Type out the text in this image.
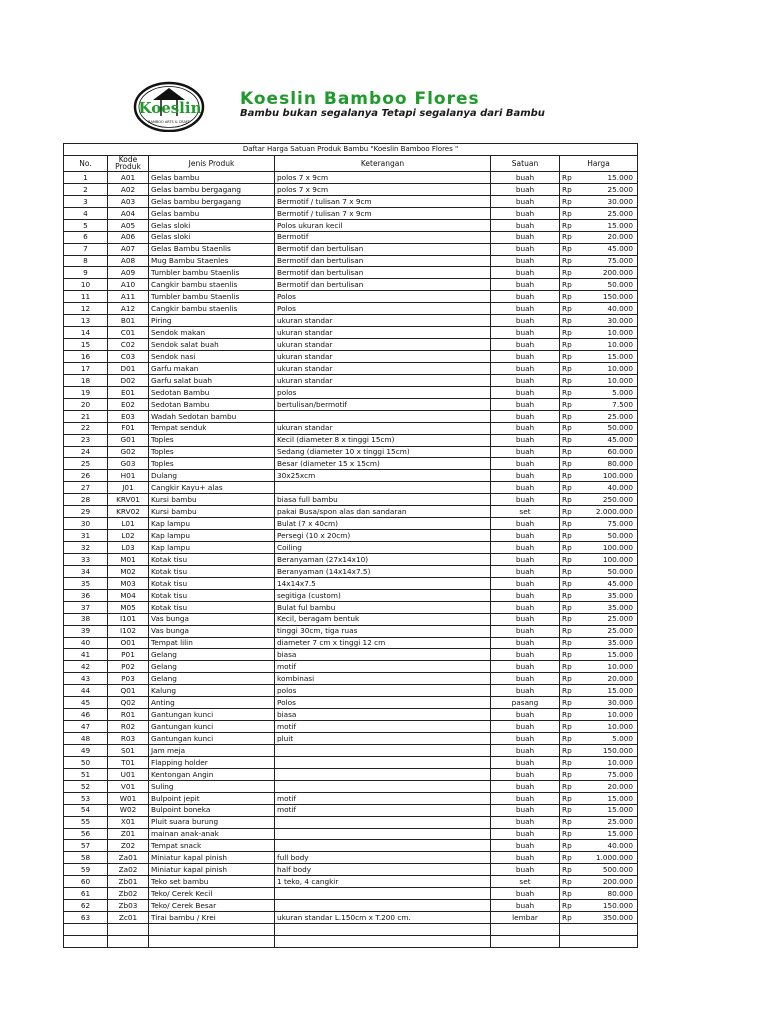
Koeslin
BAMBOO ARTS & CRAFT
Koeslin Bamboo Flores
Bambu bukan segalanya Tetapi segalanya dari Bambu
Daftar Harga Satuan Produk Bambu "Koeslin Bamboo Flores "						
No.	Kode Produk	Jenis Produk	Keterangan	Satuan	Harga	
1	A01	Gelas bambu	polos 7 x 9cm	buah	Rp	15.000
2	A02	Gelas bambu bergagang	polos 7 x 9cm	buah	Rp	25.000
3	A03	Gelas bambu bergagang	Bermotif / tulisan 7 x 9cm	buah	Rp	30.000
4	A04	Gelas bambu	Bermotif / tulisan 7 x 9cm	buah	Rp	25.000
5	A05	Gelas sloki	Polos ukuran kecil	buah	Rp	15.000
6	A06	Gelas sloki	Bermotif	buah	Rp	20.000
7	A07	Gelas Bambu Staenlis	Bermotif dan bertulisan	buah	Rp	45.000
8	A08	Mug Bambu Staenles	Bermotif dan bertulisan	buah	Rp	75.000
9	A09	Tumbler bambu Staenlis	Bermotif dan bertulisan	buah	Rp	200.000
10	A10	Cangkir bambu staenlis	Bermotif dan bertulisan	buah	Rp	50.000
11	A11	Tumbler bambu Staenlis	Polos	buah	Rp	150.000
12	A12	Cangkir bambu staenlis	Polos	buah	Rp	40.000
13	B01	Piring	ukuran standar	buah	Rp	30.000
14	C01	Sendok makan	ukuran standar	buah	Rp	10.000
15	C02	Sendok salat buah	ukuran standar	buah	Rp	10.000
16	C03	Sendok nasi	ukuran standar	buah	Rp	15.000
17	D01	Garfu makan	ukuran standar	buah	Rp	10.000
18	D02	Garfu salat buah	ukuran standar	buah	Rp	10.000
19	E01	Sedotan Bambu	polos	buah	Rp	5.000
20	E02	Sedotan Bambu	bertulisan/bermotif	buah	Rp	7.500
21	E03	Wadah Sedotan bambu		buah	Rp	25.000
22	F01	Tempat senduk	ukuran standar	buah	Rp	50.000
23	G01	Toples	Kecil (diameter 8 x tinggi 15cm)	buah	Rp	45.000
24	G02	Toples	Sedang (diameter 10 x tinggi 15cm)	buah	Rp	60.000
25	G03	Toples	Besar (diameter 15 x 15cm)	buah	Rp	80.000
26	H01	Dulang	30x25xcm	buah	Rp	100.000
27	J01	Cangkir Kayu+ alas		buah	Rp	40.000
28	KRV01	Kursi bambu	biasa full bambu	buah	Rp	250.000
29	KRV02	Kursi bambu	pakai Busa/spon alas dan sandaran	set	Rp	2.000.000
30	L01	Kap lampu	Bulat (7 x 40cm)	buah	Rp	75.000
31	L02	Kap lampu	Persegi (10 x 20cm)	buah	Rp	50.000
32	L03	Kap lampu	Coiling	buah	Rp	100.000
33	M01	Kotak tisu	Beranyaman (27x14x10)	buah	Rp	100.000
34	M02	Kotak tisu	Beranyaman (14x14x7.5)	buah	Rp	50.000
35	M03	Kotak tisu	14x14x7.5	buah	Rp	45.000
36	M04	Kotak tisu	segitiga (custom)	buah	Rp	35.000
37	M05	Kotak tisu	Bulat ful bambu	buah	Rp	35.000
38	I101	Vas bunga	Kecil, beragam bentuk	buah	Rp	25.000
39	I102	Vas bunga	tinggi 30cm, tiga ruas	buah	Rp	25.000
40	O01	Tempat lilin	diameter 7 cm x tinggi 12 cm	buah	Rp	35.000
41	P01	Gelang	biasa	buah	Rp	15.000
42	P02	Gelang	motif	buah	Rp	10.000
43	P03	Gelang	kombinasi	buah	Rp	20.000
44	Q01	Kalung	polos	buah	Rp	15.000
45	Q02	Anting	Polos	pasang	Rp	30.000
46	R01	Gantungan kunci	biasa	buah	Rp	10.000
47	R02	Gantungan kunci	motif	buah	Rp	10.000
48	R03	Gantungan kunci	pluit	buah	Rp	5.000
49	S01	Jam meja		buah	Rp	150.000
50	T01	Flapping holder		buah	Rp	10.000
51	U01	Kentongan Angin		buah	Rp	75.000
52	V01	Suling		buah	Rp	20.000
53	W01	Bulpoint jepit	motif	buah	Rp	15.000
54	W02	Bulpoint boneka	motif	buah	Rp	15.000
55	X01	Pluit suara burung		buah	Rp	25.000
56	Z01	mainan anak-anak		buah	Rp	15.000
57	Z02	Tempat snack		buah	Rp	40.000
58	Za01	Miniatur kapal pinish	full body	buah	Rp	1.000.000
59	Za02	Miniatur kapal pinish	half body	buah	Rp	500.000
60	Zb01	Teko set bambu	1 teko, 4 cangkir	set	Rp	200.000
61	Zb02	Teko/ Cerek Kecil		buah	Rp	80.000
62	Zb03	Teko/ Cerek Besar		buah	Rp	150.000
63	Zc01	Tirai bambu / Krei	ukuran standar L.150cm x T.200 cm.	lembar	Rp	350.000
